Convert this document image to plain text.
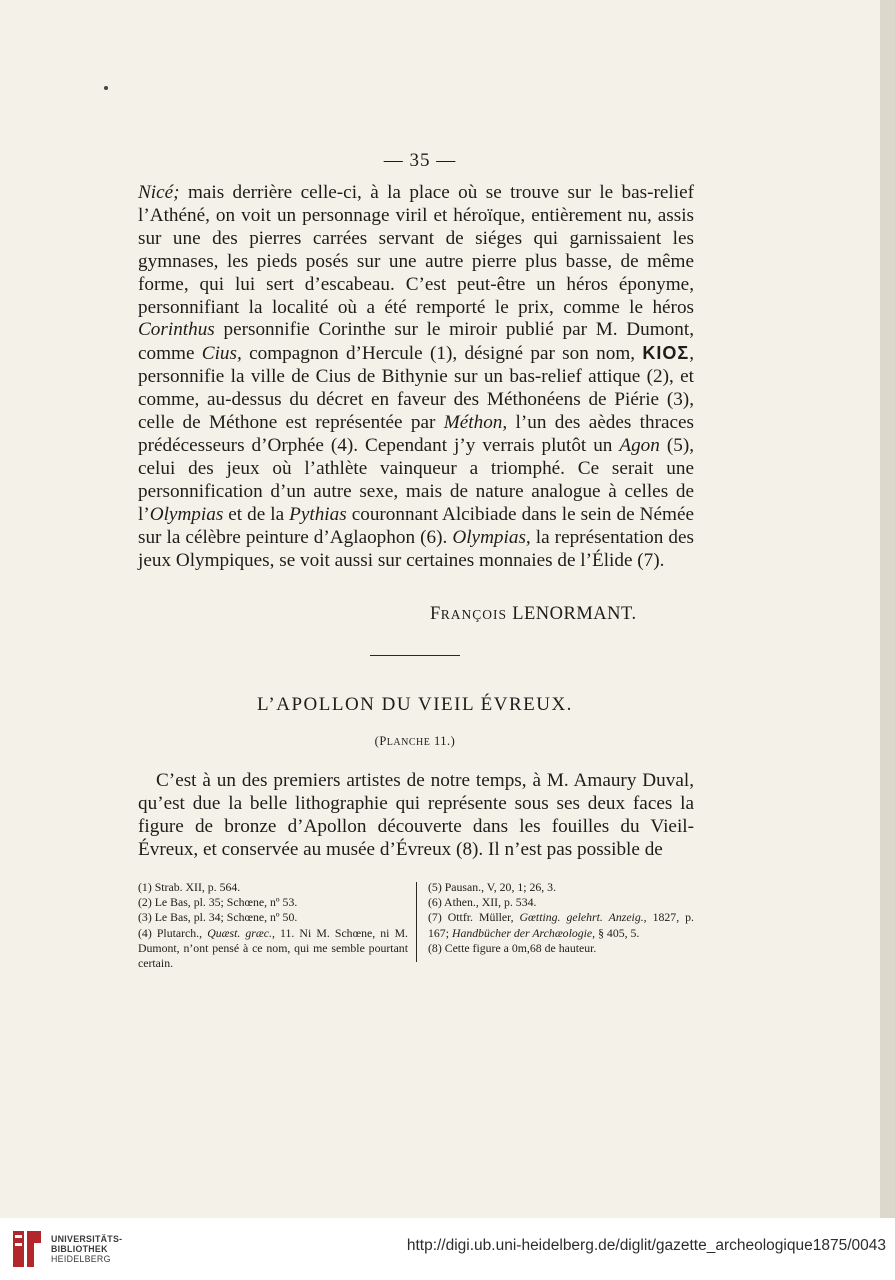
— 35 —

Nicé; mais derrière celle-ci, à la place où se trouve sur le bas-relief l’Athéné, on voit un personnage viril et héroïque, entièrement nu, assis sur une des pierres carrées servant de siéges qui garnissaient les gymnases, les pieds posés sur une autre pierre plus basse, de même forme, qui lui sert d’escabeau. C’est peut-être un héros éponyme, personnifiant la localité où a été remporté le prix, comme le héros Corinthus personnifie Corinthe sur le miroir publié par M. Dumont, comme Cius, compagnon d’Hercule (1), désigné par son nom, ΚΙΟΣ, personnifie la ville de Cius de Bithynie sur un bas-relief attique (2), et comme, au-dessus du décret en faveur des Méthonéens de Piérie (3), celle de Méthone est représentée par Méthon, l’un des aèdes thraces prédécesseurs d’Orphée (4). Cependant j’y verrais plutôt un Agon (5), celui des jeux où l’athlète vainqueur a triomphé. Ce serait une personnification d’un autre sexe, mais de nature analogue à celles de l’Olympias et de la Pythias couronnant Alcibiade dans le sein de Némée sur la célèbre peinture d’Aglaophon (6). Olympias, la représentation des jeux Olympiques, se voit aussi sur certaines monnaies de l’Élide (7).

FRANÇOIS LENORMANT.
L’APOLLON DU VIEIL ÉVREUX.
(PLANCHE 11.)

C’est à un des premiers artistes de notre temps, à M. Amaury Duval, qu’est due la belle lithographie qui représente sous ses deux faces la figure de bronze d’Apollon découverte dans les fouilles du Vieil-Évreux, et conservée au musée d’Évreux (8). Il n’est pas possible de

(1) Strab. XII, p. 564.

(2) Le Bas, pl. 35; Schœne, nº 53.

(3) Le Bas, pl. 34; Schœne, nº 50.

(4) Plutarch., Quæst. græc., 11. Ni M. Schœne, ni M. Dumont, n’ont pensé à ce nom, qui me semble pourtant certain.

(5) Pausan., V, 20, 1; 26, 3.

(6) Athen., XII, p. 534.

(7) Ottfr. Müller, Gœtting. gelehrt. Anzeig., 1827, p. 167; Handbücher der Archæologie, § 405, 5.

(8) Cette figure a 0m,68 de hauteur.

UNIVERSITÄTS-
BIBLIOTHEK
HEIDELBERG
http://digi.ub.uni-heidelberg.de/diglit/gazette_archeologique1875/0043
